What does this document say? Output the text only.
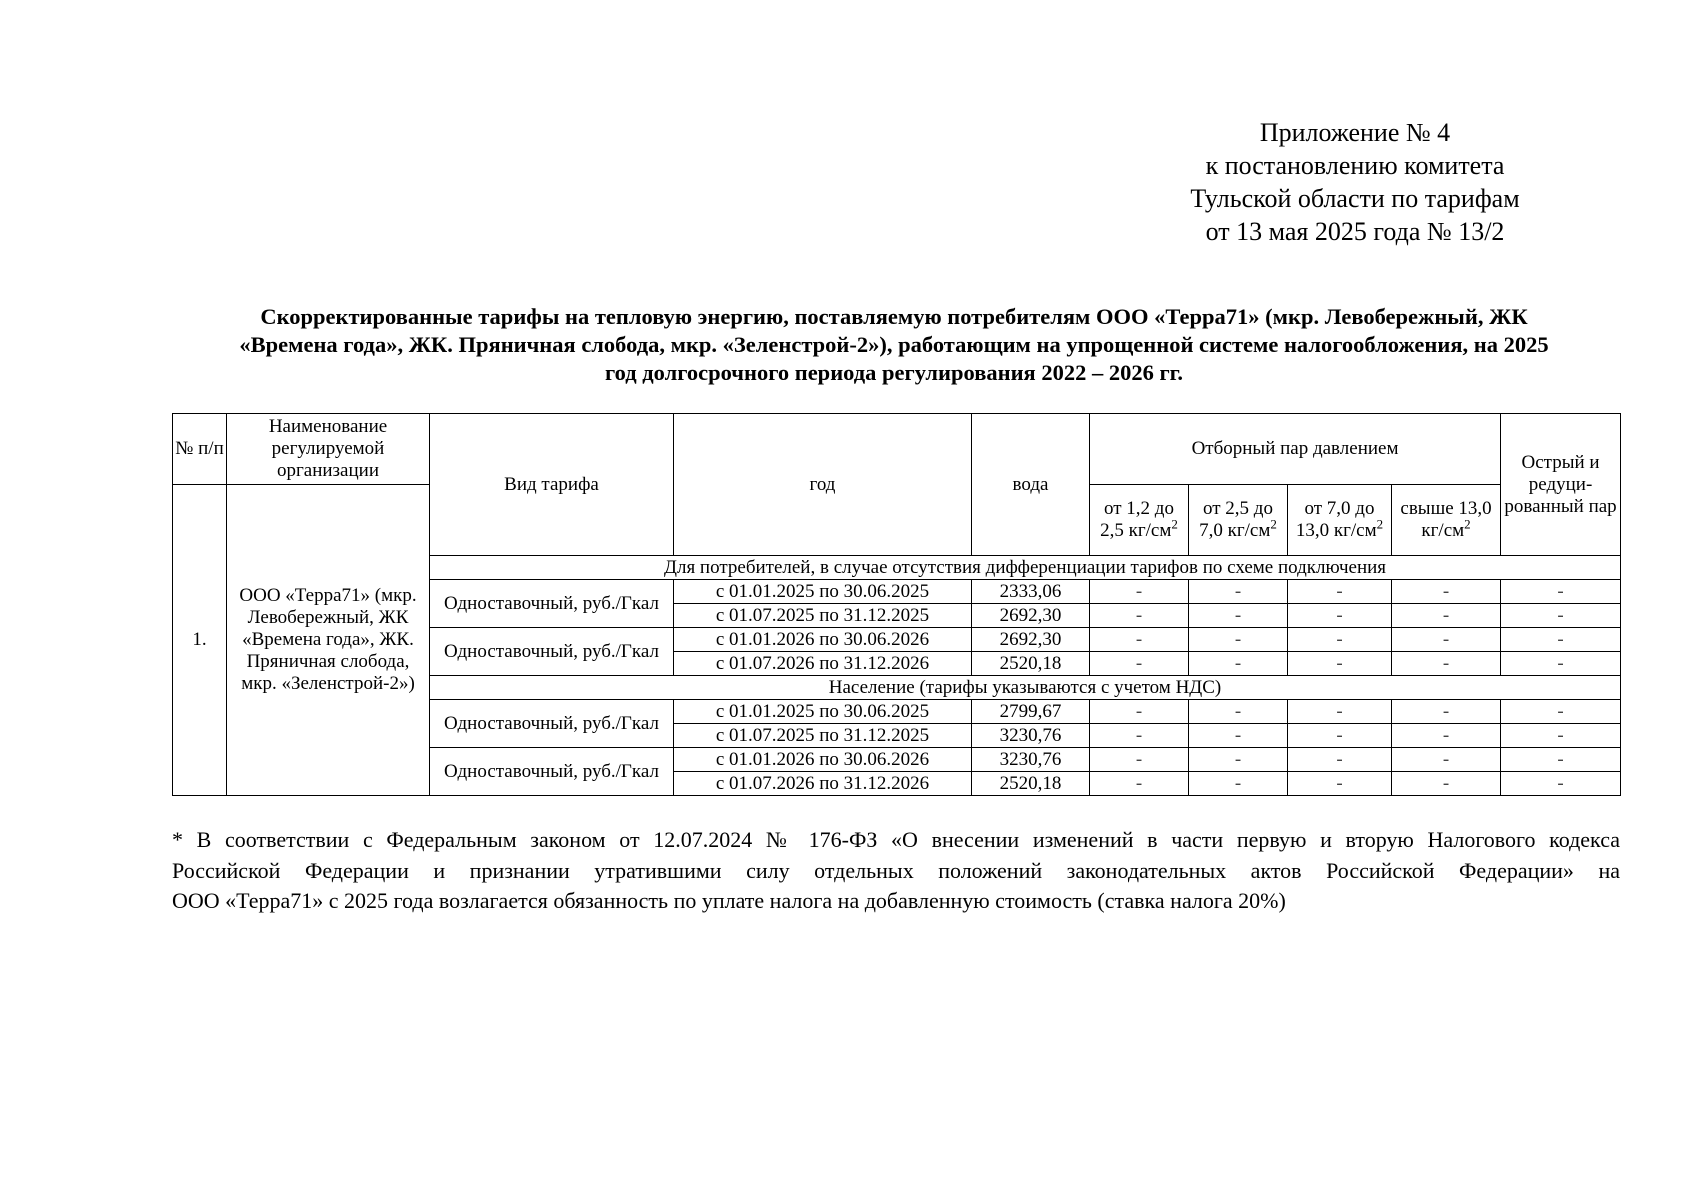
Приложение № 4
к постановлению комитета
Тульской области по тарифам
от 13 мая 2025 года № 13/2
Скорректированные тарифы на тепловую энергию, поставляемую потребителям ООО «Терра71» (мкр. Левобережный, ЖК
«Времена года», ЖК. Пряничная слобода, мкр. «Зеленстрой-2»), работающим на упрощенной системе налогообложения, на 2025
год долгосрочного периода регулирования 2022 – 2026 гг.
№ п/п	Наименование регулируемой организации	Вид тарифа	год	вода	Отборный пар давлением				Острый и редуци-рованный пар
1.	ООО «Терра71» (мкр. Левобережный, ЖК «Времена года», ЖК. Пряничная слобода, мкр. «Зеленстрой-2»)				от 1,2 до 2,5 $кг/см^2$	от 2,5 до 7,0 $кг/см^2$	от 7,0 до 13,0 $кг/см^2$	свыше 13,0 $кг/см^2$
		Для потребителей, в случае отсутствия дифференциации тарифов по схеме подключения							
		Одноставочный, руб./Гкал	с 01.01.2025 по 30.06.2025	2333,06	-	-	-	-	-
			с 01.07.2025 по 31.12.2025	2692,30	-	-	-	-	-
		Одноставочный, руб./Гкал	с 01.01.2026 по 30.06.2026	2692,30	-	-	-	-	-
			с 01.07.2026 по 31.12.2026	2520,18	-	-	-	-	-
		Население (тарифы указываются с учетом НДС)							
		Одноставочный, руб./Гкал	с 01.01.2025 по 30.06.2025	2799,67	-	-	-	-	-
			с 01.07.2025 по 31.12.2025	3230,76	-	-	-	-	-
		Одноставочный, руб./Гкал	с 01.01.2026 по 30.06.2026	3230,76	-	-	-	-	-
			с 01.07.2026 по 31.12.2026	2520,18	-	-	-	-	-
* В соответствии с Федеральным законом от 12.07.2024 № 176-ФЗ «О внесении изменений в части первую и вторую Налогового кодекса
Российской Федерации и признании утратившими силу отдельных положений законодательных актов Российской Федерации» на
ООО «Терра71» с 2025 года возлагается обязанность по уплате налога на добавленную стоимость (ставка налога 20%)
